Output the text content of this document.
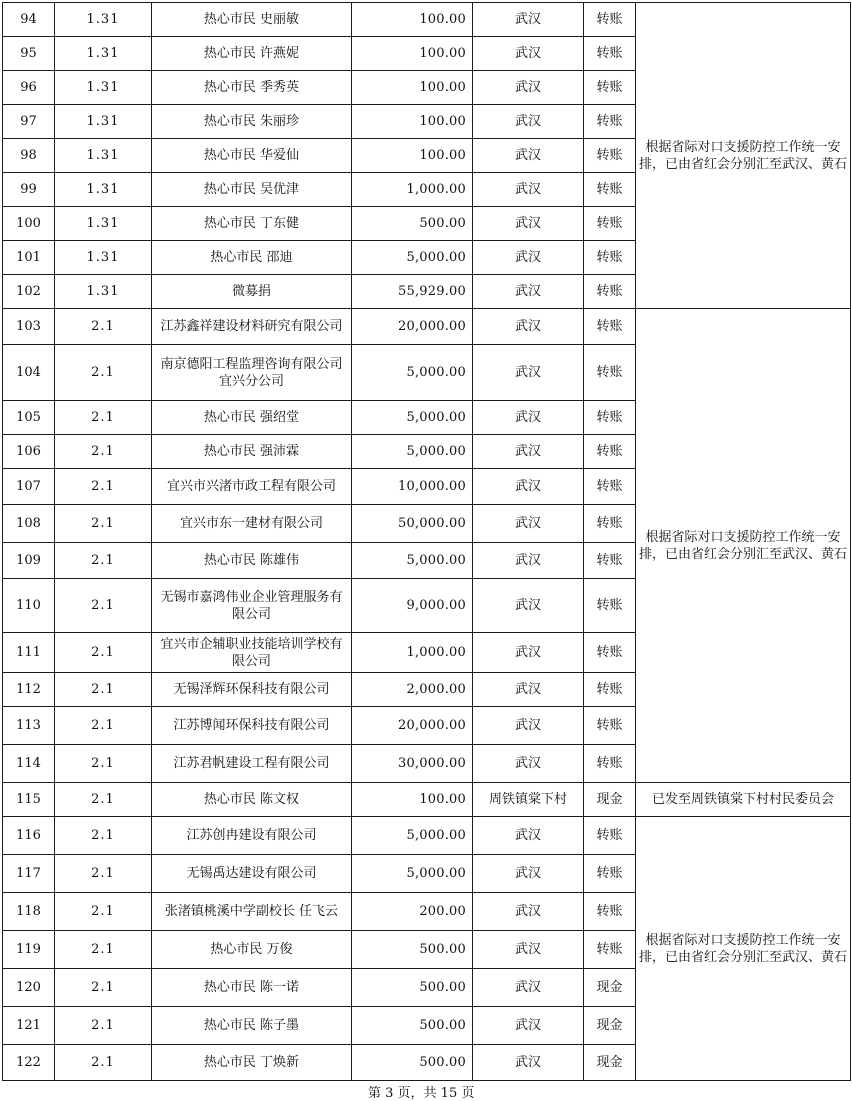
94	1.31	热心市民 史丽敏	100.00	武汉	转账	根据省际对口支援防控工作统一安排，已由省红会分别汇至武汉、黄石
95	1.31	热心市民 许燕妮	100.00	武汉	转账	
96	1.31	热心市民 季秀英	100.00	武汉	转账	
97	1.31	热心市民 朱丽珍	100.00	武汉	转账	
98	1.31	热心市民 华爱仙	100.00	武汉	转账	
99	1.31	热心市民 吴优津	1,000.00	武汉	转账	
100	1.31	热心市民 丁东健	500.00	武汉	转账	
101	1.31	热心市民 邵迪	5,000.00	武汉	转账	
102	1.31	微募捐	55,929.00	武汉	转账	
103	2.1	江苏鑫祥建设材料研究有限公司	20,000.00	武汉	转账	根据省际对口支援防控工作统一安排，已由省红会分别汇至武汉、黄石
104	2.1	南京德阳工程监理咨询有限公司宜兴分公司	5,000.00	武汉	转账	
105	2.1	热心市民 强绍堂	5,000.00	武汉	转账	
106	2.1	热心市民 强沛霖	5,000.00	武汉	转账	
107	2.1	宜兴市兴渚市政工程有限公司	10,000.00	武汉	转账	
108	2.1	宜兴市东一建材有限公司	50,000.00	武汉	转账	
109	2.1	热心市民 陈雄伟	5,000.00	武汉	转账	
110	2.1	无锡市嘉鸿伟业企业管理服务有限公司	9,000.00	武汉	转账	
111	2.1	宜兴市企辅职业技能培训学校有限公司	1,000.00	武汉	转账	
112	2.1	无锡泽辉环保科技有限公司	2,000.00	武汉	转账	
113	2.1	江苏博闻环保科技有限公司	20,000.00	武汉	转账	
114	2.1	江苏君帆建设工程有限公司	30,000.00	武汉	转账	
115	2.1	热心市民 陈文权	100.00	周铁镇棠下村	现金	已发至周铁镇棠下村村民委员会
116	2.1	江苏创冉建设有限公司	5,000.00	武汉	转账	根据省际对口支援防控工作统一安排，已由省红会分别汇至武汉、黄石
117	2.1	无锡禹达建设有限公司	5,000.00	武汉	转账	
118	2.1	张渚镇桃溪中学副校长 任飞云	200.00	武汉	转账	
119	2.1	热心市民 万俊	500.00	武汉	转账	
120	2.1	热心市民 陈一诺	500.00	武汉	现金	
121	2.1	热心市民 陈子墨	500.00	武汉	现金	
122	2.1	热心市民 丁焕新	500.00	武汉	现金	
第 3 页，共 15 页
